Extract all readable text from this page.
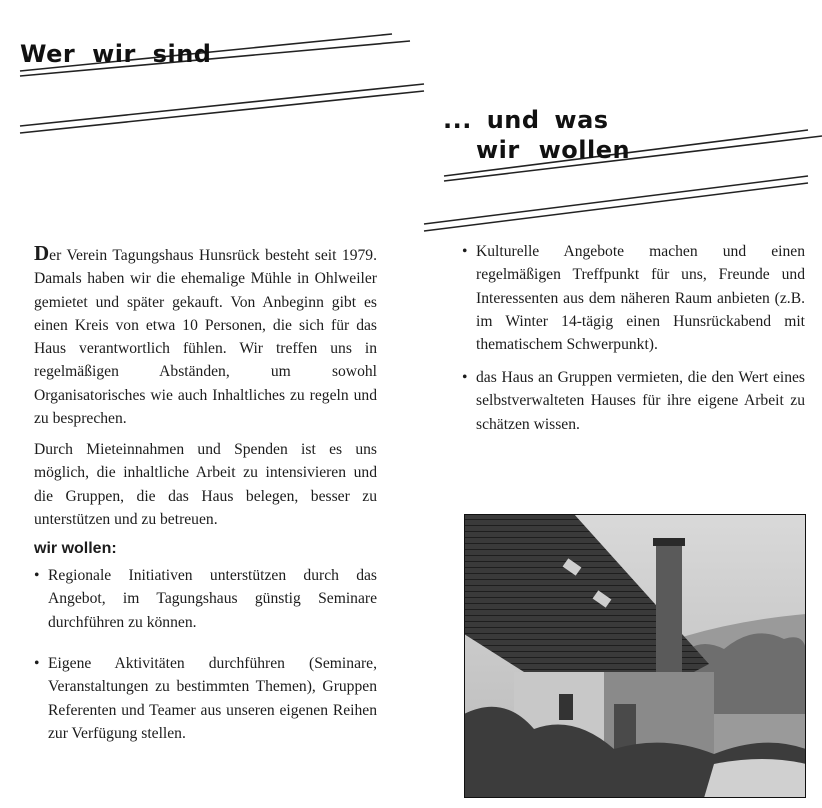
Wer wir sind
... und was
wir wollen

Der Verein Tagungshaus Hunsrück besteht seit 1979. Damals haben wir die ehemalige Mühle in Ohlweiler gemietet und später gekauft. Von Anbeginn gibt es einen Kreis von etwa 10 Personen, die sich für das Haus verantwortlich fühlen. Wir treffen uns in regelmäßigen Abständen, um sowohl Organisatorisches wie auch Inhaltliches zu regeln und zu besprechen.

Durch Mieteinnahmen und Spenden ist es uns möglich, die inhaltliche Arbeit zu intensivieren und die Gruppen, die das Haus belegen, besser zu unterstützen und zu betreuen.

wir wollen:

• Regionale Initiativen unterstützen durch das Angebot, im Tagungshaus günstig Seminare durchführen zu können.
• Eigene Aktivitäten durchführen (Seminare, Veranstaltungen zu bestimmten Themen), Gruppen Referenten und Teamer aus unseren eigenen Reihen zur Verfügung stellen.
• Kulturelle Angebote machen und einen regelmäßigen Treffpunkt für uns, Freunde und Interessenten aus dem näheren Raum anbieten (z.B. im Winter 14-tägig einen Hunsrückabend mit thematischem Schwerpunkt).
• das Haus an Gruppen vermieten, die den Wert eines selbstverwalteten Hauses für ihre eigene Arbeit zu schätzen wissen.
